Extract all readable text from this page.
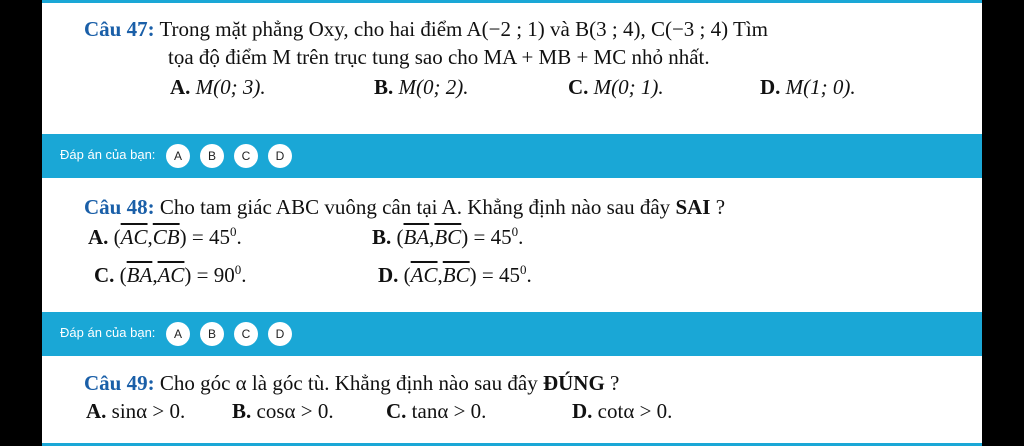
Câu 47: Trong mặt phẳng Oxy, cho hai điểm A(−2 ; 1) và B(3 ; 4), C(−3 ; 4) Tìm
tọa độ điểm M trên trục tung sao cho MA + MB + MC nhỏ nhất.
A. M(0; 3).	B. M(0; 2).	C. M(0; 1).	D. M(1; 0).
Đáp án của bạn:	A	B	C	D
Câu 48: Cho tam giác ABC vuông cân tại A. Khẳng định nào sau đây SAI ?
A. $(\overline{AC},\overline{CB}) = 45^0$.	B. $(\overline{BA},\overline{BC}) = 45^0$.
C. $(\overline{BA},\overline{AC}) = 90^0$.	D. $(\overline{AC},\overline{BC}) = 45^0$.
Đáp án của bạn:	A	B	C	D
Câu 49: Cho góc α là góc tù. Khẳng định nào sau đây ĐÚNG ?
A. sinα > 0. B. cosα > 0. C. tanα > 0.	D. cotα > 0.
